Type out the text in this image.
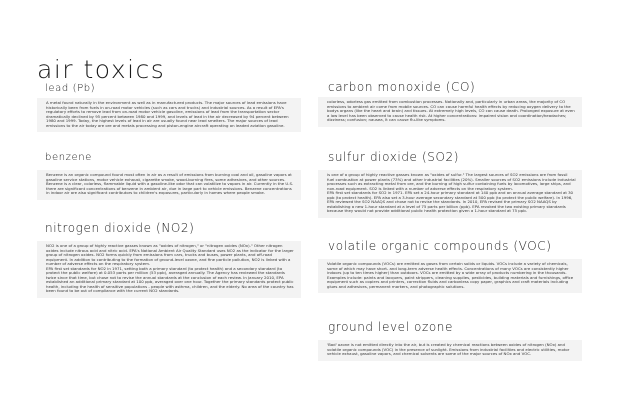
air toxics
lead (Pb)

A metal found naturally in the environment as well as in manufactured products. The major sources of lead emissions have historically been from fuels in on-road motor vehicles (such as cars and trucks) and industrial sources. As a result of EPA's regulatory efforts to remove lead from on-road motor vehicle gasoline, emissions of lead from the transportation sector dramatically declined by 95 percent between 1980 and 1999, and levels of lead in the air decreased by 94 percent between 1980 and 1999. Today, the highest levels of lead in air are usually found near lead smelters. The major sources of lead emissions to the air today are ore and metals processing and piston-engine aircraft operating on leaded aviation gasoline.

benzene

Benzene is an organic compound found most often in air as a result of emissions from burning coal and oil, gasoline vapors at gasoline service stations, motor vehicle exhaust, cigarette smoke, wood-burning fires, some adhesives, and other sources. Benzene is a clear, colorless, flammable liquid with a gasoline-like odor that can volatilize to vapors in air. Currently in the U.S. there are significant concentrations of benzene in ambient air, due in large part to vehicle emissions. Benzene concentrations in indoor air are also significant contributors to children's exposures, particularly in homes where people smoke.

nitrogen dioxide (NO2)

NO2 is one of a group of highly reactive gasses known as "oxides of nitrogen," or "nitrogen oxides (NOx)." Other nitrogen oxides include nitrous acid and nitric acid. EPA's National Ambient Air Quality Standard uses NO2 as the indicator for the larger group of nitrogen oxides. NO2 forms quickly from emissions from cars, trucks and buses, power plants, and off-road equipment. In addition to contributing to the formation of ground-level ozone, and fine particle pollution, NO2 is linked with a number of adverse effects on the respiratory system.

EPA first set standards for NO2 in 1971, setting both a primary standard (to protect health) and a secondary standard (to protect the public welfare) at 0.053 parts per million (53 ppb), averaged annually. The Agency has reviewed the standards twice since that time, but chose not to revise the annual standards at the conclusion of each review. In January 2010, EPA established an additional primary standard at 100 ppb, averaged over one hour. Together the primary standards protect public health, including the health of sensitive populations - people with asthma, children, and the elderly. No area of the country has been found to be out of compliance with the current NO2 standards.

carbon monoxide (CO)

colorless, odorless gas emitted from combustion processes. Nationally and, particularly in urban areas, the majority of CO emissions to ambient air come from mobile sources. CO can cause harmful health effects by reducing oxygen delivery to the bodys organs (like the heart and brain) and tissues. At extremely high levels, CO can cause death. Prolonged exposure at even a low level has been observed to cause health risk. At higher concentrations: impaired vision and coordination/headaches; dizziness; confusion; nausea, It can cause flu-like symptoms.

sulfur dioxide (SO2)

is one of a group of highly reactive gasses known as "oxides of sulfur." The largest sources of SO2 emissions are from fossil fuel combustion at power plants (73%) and other industrial facilities (20%). Smaller sources of SO2 emissions include industrial processes such as extracting metal from ore, and the burning of high sulfur containing fuels by locomotives, large ships, and non-road equipment. SO2 is linked with a number of adverse effects on the respiratory system.

EPA first set standards for SO2 in 1971. EPA set a 24-hour primary standard at 140 ppb and an annual average standard at 30 ppb (to protect health). EPA also set a 3-hour average secondary standard at 500 ppb (to protect the public welfare). In 1996, EPA reviewed the SO2 NAAQS and chose not to revise the standards. In 2010, EPA revised the primary SO2 NAAQS by establishing a new 1-hour standard at a level of 75 parts per billion (ppb). EPA revoked the two existing primary standards because they would not provide additional public health protection given a 1-hour standard at 75 ppb.

volatile organic compounds (VOC)

Volatile organic compounds (VOCs) are emitted as gases from certain solids or liquids. VOCs include a variety of chemicals, some of which may have short- and long-term adverse health effects. Concentrations of many VOCs are consistently higher indoors (up to ten times higher) than outdoors. VOCs are emitted by a wide array of products numbering in the thousands. Examples include: paints and lacquers, paint strippers, cleaning supplies, pesticides, building materials and furnishings, office equipment such as copiers and printers, correction fluids and carbonless copy paper, graphics and craft materials including glues and adhesives, permanent markers, and photographic solutions.

ground level ozone

'Bad' ozone is not emitted directly into the air, but is created by chemical reactions between oxides of nitrogen (NOx) and volatile organic compounds (VOC) in the presence of sunlight. Emissions from industrial facilities and electric utilities, motor vehicle exhaust, gasoline vapors, and chemical solvents are some of the major sources of NOx and VOC.
